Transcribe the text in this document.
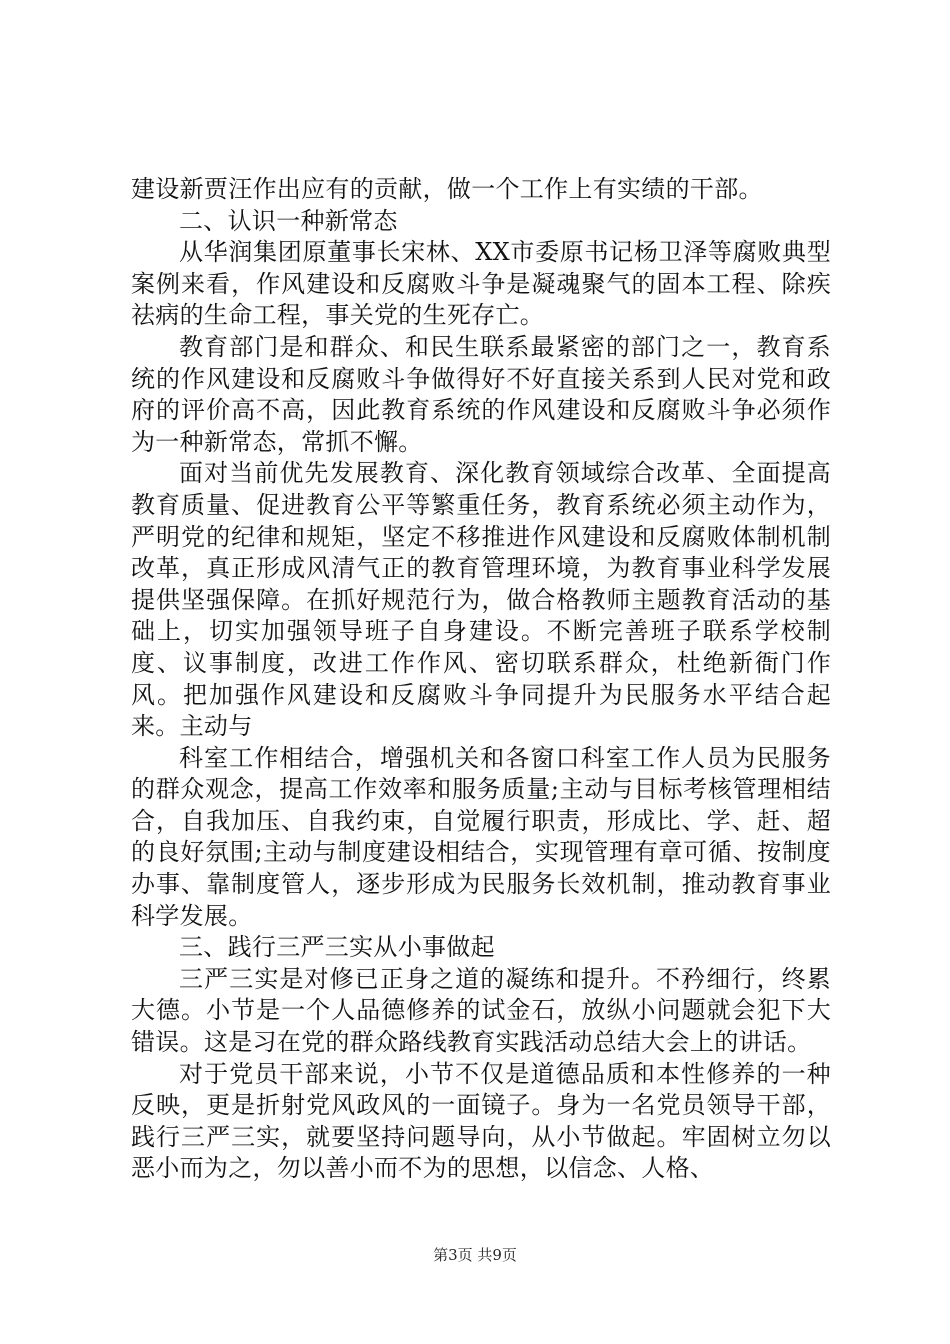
建设新贾汪作出应有的贡献，做一个工作上有实绩的干部。

二、认识一种新常态

从华润集团原董事长宋林、XX市委原书记杨卫泽等腐败典型案例来看，作风建设和反腐败斗争是凝魂聚气的固本工程、除疾祛病的生命工程，事关党的生死存亡。

教育部门是和群众、和民生联系最紧密的部门之一，教育系统的作风建设和反腐败斗争做得好不好直接关系到人民对党和政府的评价高不高，因此教育系统的作风建设和反腐败斗争必须作为一种新常态，常抓不懈。

面对当前优先发展教育、深化教育领域综合改革、全面提高教育质量、促进教育公平等繁重任务，教育系统必须主动作为，严明党的纪律和规矩，坚定不移推进作风建设和反腐败体制机制改革，真正形成风清气正的教育管理环境，为教育事业科学发展提供坚强保障。在抓好规范行为，做合格教师主题教育活动的基础上，切实加强领导班子自身建设。不断完善班子联系学校制度、议事制度，改进工作作风、密切联系群众，杜绝新衙门作风。把加强作风建设和反腐败斗争同提升为民服务水平结合起来。主动与

科室工作相结合，增强机关和各窗口科室工作人员为民服务的群众观念，提高工作效率和服务质量;主动与目标考核管理相结合，自我加压、自我约束，自觉履行职责，形成比、学、赶、超的良好氛围;主动与制度建设相结合，实现管理有章可循、按制度办事、靠制度管人，逐步形成为民服务长效机制，推动教育事业科学发展。

三、践行三严三实从小事做起

三严三实是对修已正身之道的凝练和提升。不矜细行，终累大德。小节是一个人品德修养的试金石，放纵小问题就会犯下大错误。这是习在党的群众路线教育实践活动总结大会上的讲话。

对于党员干部来说，小节不仅是道德品质和本性修养的一种反映，更是折射党风政风的一面镜子。身为一名党员领导干部，践行三严三实，就要坚持问题导向，从小节做起。牢固树立勿以恶小而为之，勿以善小而不为的思想，以信念、人格、

第3页 共9页
